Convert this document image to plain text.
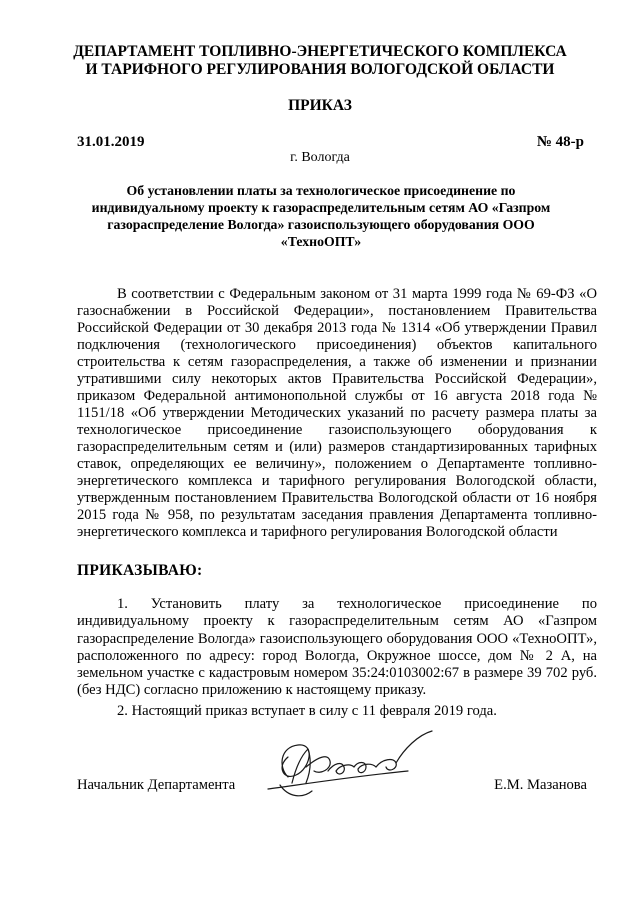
ДЕПАРТАМЕНТ ТОПЛИВНО-ЭНЕРГЕТИЧЕСКОГО КОМПЛЕКСА
И ТАРИФНОГО РЕГУЛИРОВАНИЯ ВОЛОГОДСКОЙ ОБЛАСТИ
ПРИКАЗ
31.01.2019	№ 48-р
г. Вологда
Об установлении платы за технологическое присоединение по индивидуальному проекту к газораспределительным сетям АО «Газпром газораспределение Вологда» газоиспользующего оборудования ООО «ТехноОПТ»

В соответствии с Федеральным законом от 31 марта 1999 года № 69-ФЗ «О газоснабжении в Российской Федерации», постановлением Правительства Российской Федерации от 30 декабря 2013 года № 1314 «Об утверждении Правил подключения (технологического присоединения) объектов капитального строительства к сетям газораспределения, а также об изменении и признании утратившими силу некоторых актов Правительства Российской Федерации», приказом Федеральной антимонопольной службы от 16 августа 2018 года № 1151/18 «Об утверждении Методических указаний по расчету размера платы за технологическое присоединение газоиспользующего оборудования к газораспределительным сетям и (или) размеров стандартизированных тарифных ставок, определяющих ее величину», положением о Департаменте топливно-энергетического комплекса и тарифного регулирования Вологодской области, утвержденным постановлением Правительства Вологодской области от 16 ноября 2015 года № 958, по результатам заседания правления Департамента топливно-энергетического комплекса и тарифного регулирования Вологодской области

ПРИКАЗЫВАЮ:

1. Установить плату за технологическое присоединение по индивидуальному проекту к газораспределительным сетям АО «Газпром газораспределение Вологда» газоиспользующего оборудования ООО «ТехноОПТ», расположенного по адресу: город Вологда, Окружное шоссе, дом № 2 А, на земельном участке с кадастровым номером 35:24:0103002:67 в размере 39 702 руб. (без НДС) согласно приложению к настоящему приказу.

2. Настоящий приказ вступает в силу с 11 февраля 2019 года.

Начальник Департамента	Е.М. Мазанова
